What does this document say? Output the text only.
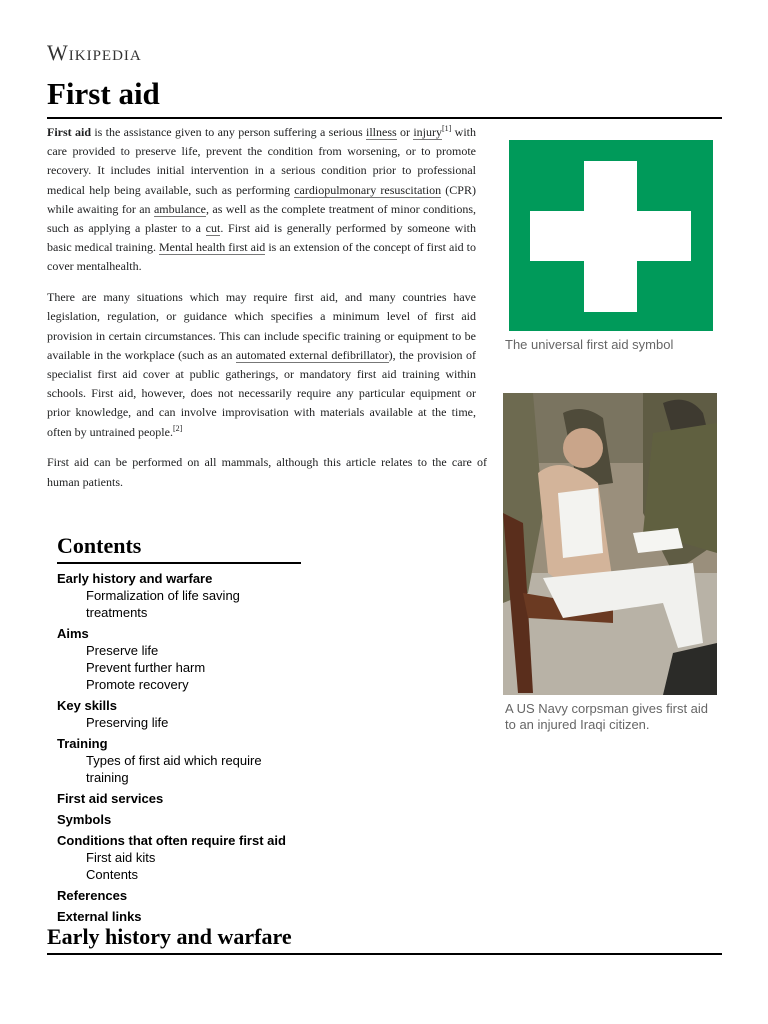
Wikipedia
First aid

First aid is the assistance given to any person suffering a serious illness or injury[1] with care provided to preserve life, prevent the condition from worsening, or to promote recovery. It includes initial intervention in a serious condition prior to professional medical help being available, such as performing cardiopulmonary resuscitation (CPR) while awaiting for an ambulance, as well as the complete treatment of minor conditions, such as applying a plaster to a cut. First aid is generally performed by someone with basic medical training. Mental health first aid is an extension of the concept of first aid to cover mentalhealth.

There are many situations which may require first aid, and many countries have legislation, regulation, or guidance which specifies a minimum level of first aid provision in certain circumstances. This can include specific training or equipment to be available in the workplace (such as an automated external defibrillator), the provision of specialist first aid cover at public gatherings, or mandatory first aid training within schools. First aid, however, does not necessarily require any particular equipment or prior knowledge, and can involve improvisation with materials available at the time, often by untrained people.[2]

First aid can be performed on all mammals, although this article relates to the care of human patients.

The universal first aid symbol
A US Navy corpsman gives first aid to an injured Iraqi citizen.
Contents
Early history and warfare
Formalization of life saving treatments
Aims
Preserve life
Prevent further harm
Promote recovery
Key skills
Preserving life
Training
Types of first aid which require training
First aid services
Symbols
Conditions that often require first aid
First aid kits
Contents
References
External links
Early history and warfare
